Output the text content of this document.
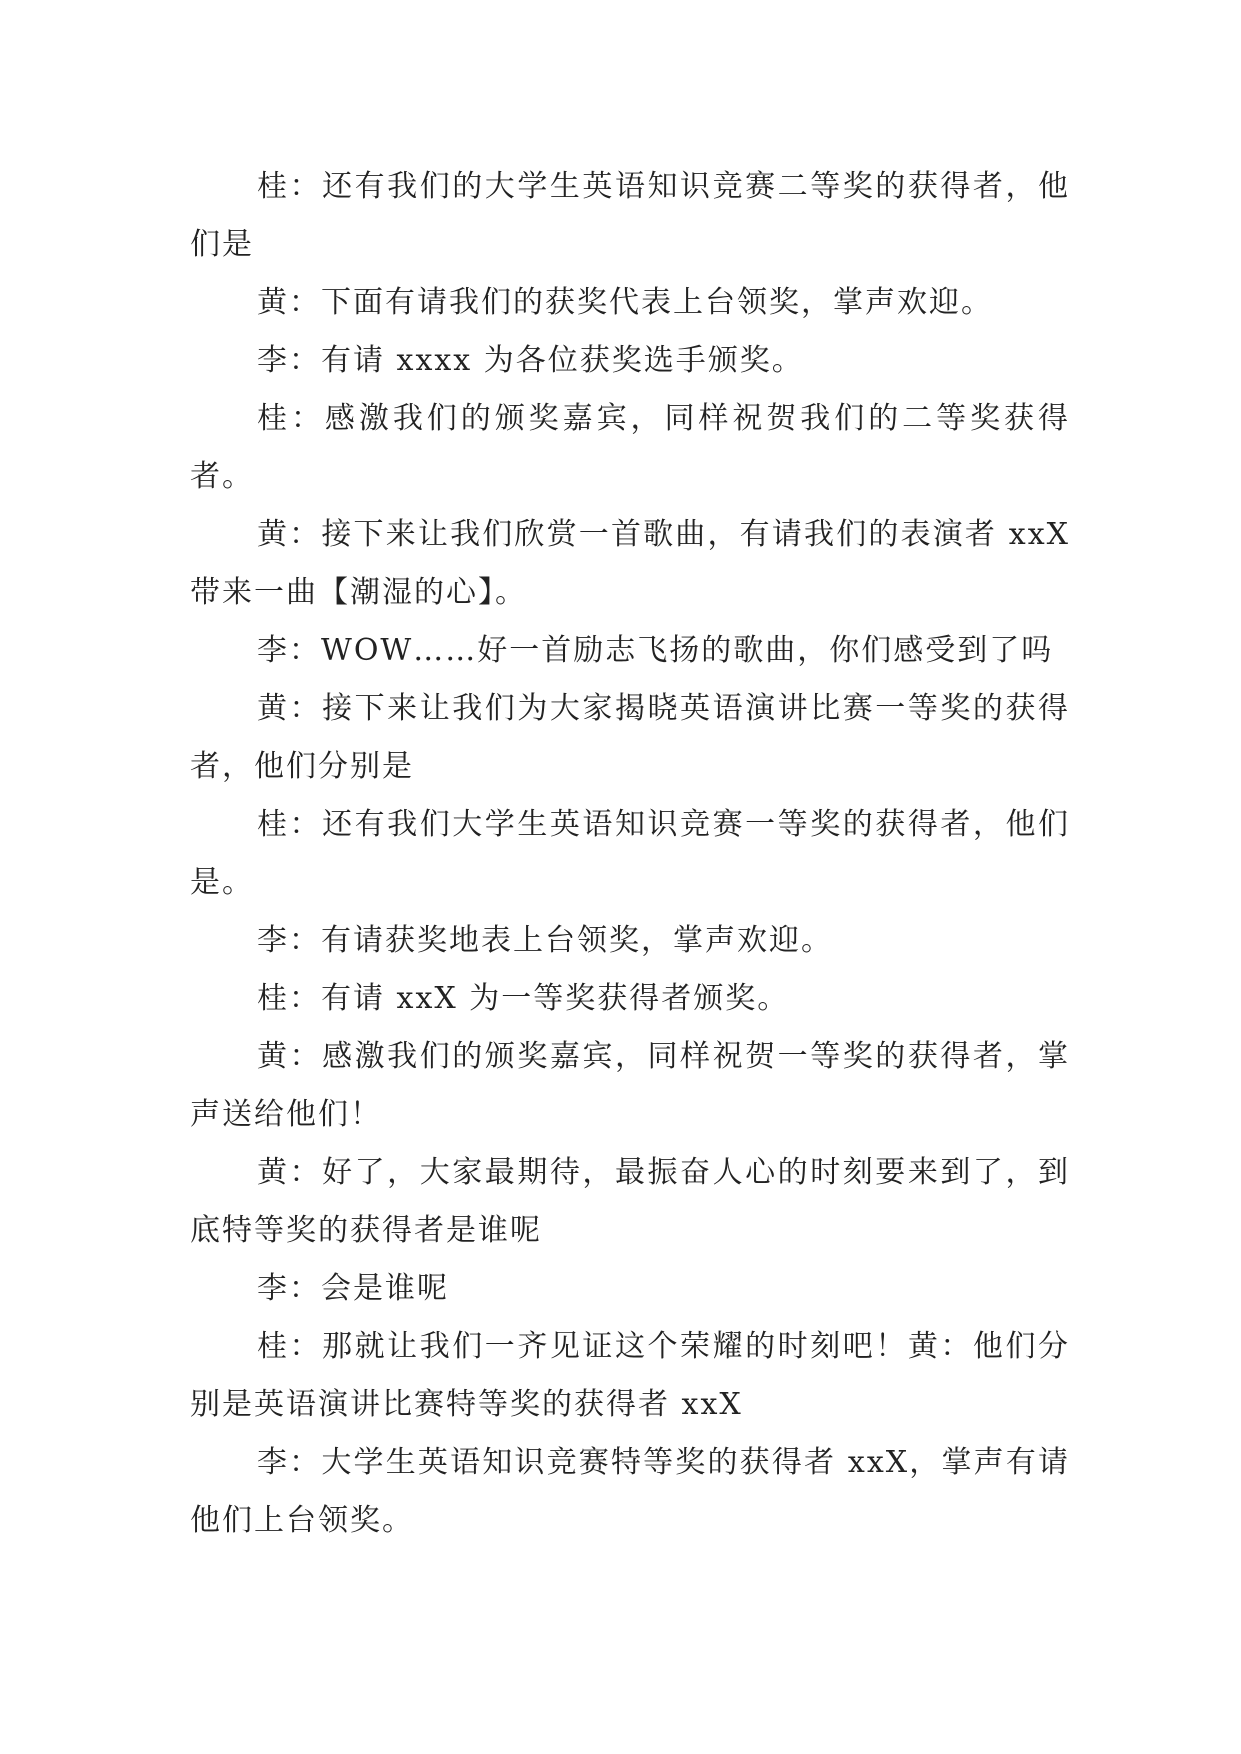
桂：还有我们的大学生英语知识竞赛二等奖的获得者，他们是

黄：下面有请我们的获奖代表上台领奖，掌声欢迎。

李：有请 xxxx 为各位获奖选手颁奖。

桂：感激我们的颁奖嘉宾，同样祝贺我们的二等奖获得者。

黄：接下来让我们欣赏一首歌曲，有请我们的表演者 xxX 带来一曲【潮湿的心】。

李：WOW……好一首励志飞扬的歌曲，你们感受到了吗

黄：接下来让我们为大家揭晓英语演讲比赛一等奖的获得者，他们分别是

桂：还有我们大学生英语知识竞赛一等奖的获得者，他们是。

李：有请获奖地表上台领奖，掌声欢迎。

桂：有请 xxX 为一等奖获得者颁奖。

黄：感激我们的颁奖嘉宾，同样祝贺一等奖的获得者，掌声送给他们！

黄：好了，大家最期待，最振奋人心的时刻要来到了，到底特等奖的获得者是谁呢

李：会是谁呢

桂：那就让我们一齐见证这个荣耀的时刻吧！黄：他们分别是英语演讲比赛特等奖的获得者 xxX

李：大学生英语知识竞赛特等奖的获得者 xxX，掌声有请他们上台领奖。
